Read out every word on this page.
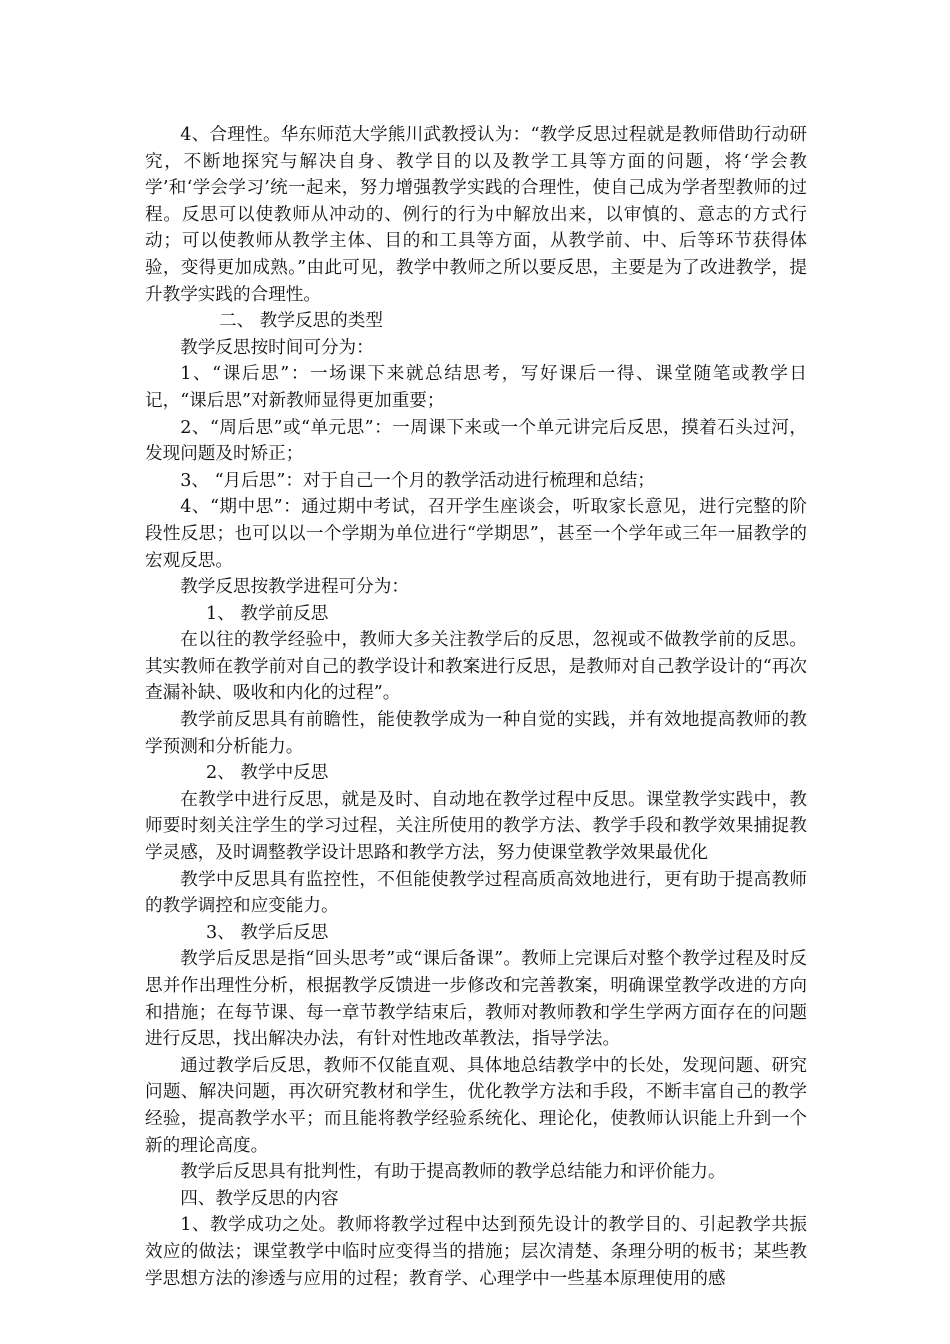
4、合理性。华东师范大学熊川武教授认为：“教学反思过程就是教师借助行动研究，不断地探究与解决自身、教学目的以及教学工具等方面的问题，将‘学会教学’和‘学会学习’统一起来，努力增强教学实践的合理性，使自己成为学者型教师的过程。反思可以使教师从冲动的、例行的行为中解放出来，以审慎的、意志的方式行动；可以使教师从教学主体、目的和工具等方面，从教学前、中、后等环节获得体验，变得更加成熟。”由此可见，教学中教师之所以要反思，主要是为了改进教学，提升教学实践的合理性。

二、 教学反思的类型

教学反思按时间可分为：

1、“课后思”：一场课下来就总结思考，写好课后一得、课堂随笔或教学日记，“课后思”对新教师显得更加重要；

2、“周后思”或“单元思”：一周课下来或一个单元讲完后反思，摸着石头过河，发现问题及时矫正；

3、 “月后思”：对于自己一个月的教学活动进行梳理和总结；

4、“期中思”：通过期中考试，召开学生座谈会，听取家长意见，进行完整的阶段性反思；也可以以一个学期为单位进行“学期思”，甚至一个学年或三年一届教学的宏观反思。

教学反思按教学进程可分为：

1、 教学前反思

在以往的教学经验中，教师大多关注教学后的反思，忽视或不做教学前的反思。其实教师在教学前对自己的教学设计和教案进行反思，是教师对自己教学设计的“再次查漏补缺、吸收和内化的过程”。

教学前反思具有前瞻性，能使教学成为一种自觉的实践，并有效地提高教师的教学预测和分析能力。

2、 教学中反思

在教学中进行反思，就是及时、自动地在教学过程中反思。课堂教学实践中，教师要时刻关注学生的学习过程，关注所使用的教学方法、教学手段和教学效果捕捉教学灵感，及时调整教学设计思路和教学方法，努力使课堂教学效果最优化

教学中反思具有监控性，不但能使教学过程高质高效地进行，更有助于提高教师的教学调控和应变能力。

3、 教学后反思

教学后反思是指“回头思考”或“课后备课”。教师上完课后对整个教学过程及时反思并作出理性分析，根据教学反馈进一步修改和完善教案，明确课堂教学改进的方向和措施；在每节课、每一章节教学结束后，教师对教师教和学生学两方面存在的问题进行反思，找出解决办法，有针对性地改革教法，指导学法。

通过教学后反思，教师不仅能直观、具体地总结教学中的长处，发现问题、研究问题、解决问题，再次研究教材和学生，优化教学方法和手段，不断丰富自己的教学经验，提高教学水平；而且能将教学经验系统化、理论化，使教师认识能上升到一个新的理论高度。

教学后反思具有批判性，有助于提高教师的教学总结能力和评价能力。

四、教学反思的内容

1、教学成功之处。教师将教学过程中达到预先设计的教学目的、引起教学共振效应的做法；课堂教学中临时应变得当的措施；层次清楚、条理分明的板书；某些教学思想方法的渗透与应用的过程；教育学、心理学中一些基本原理使用的感
